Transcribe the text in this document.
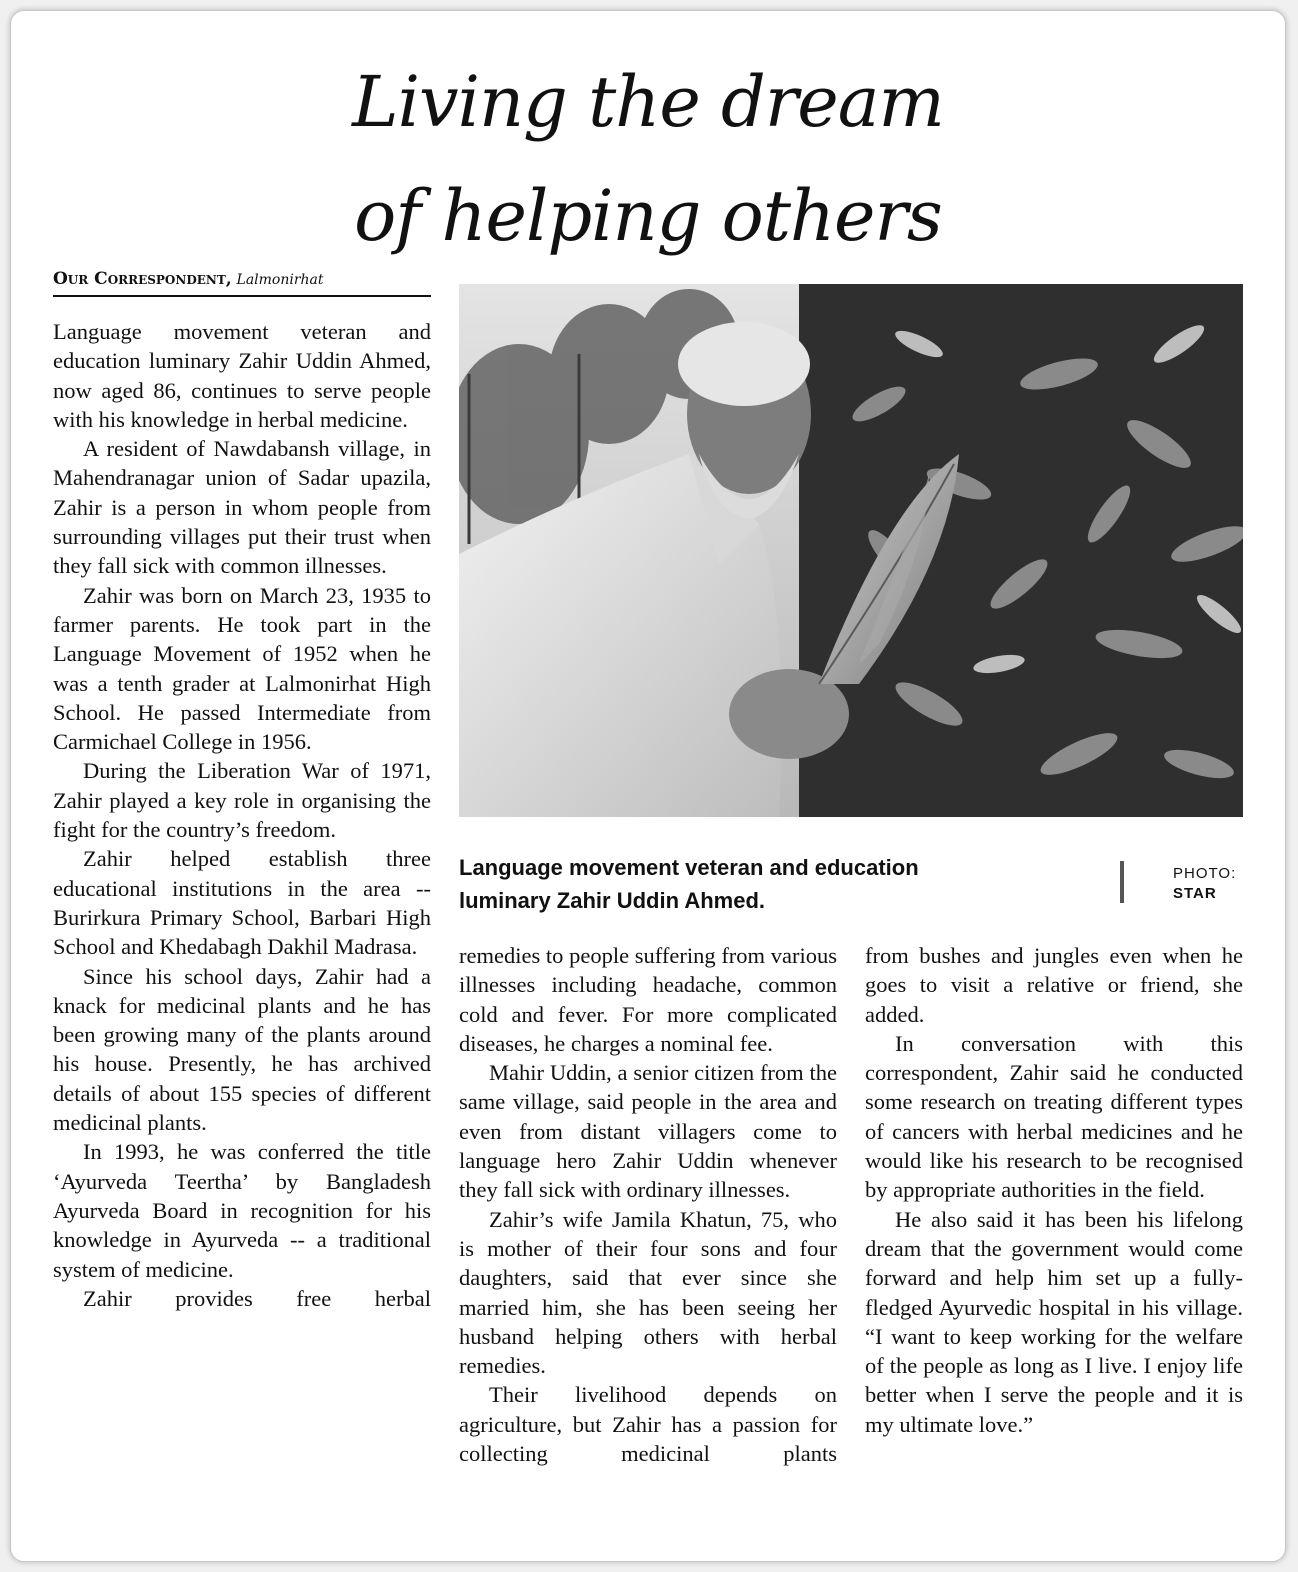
Living the dream
of helping others
Our Correspondent, Lalmonirhat

Language movement veteran and education luminary Zahir Uddin Ahmed, now aged 86, continues to serve people with his knowledge in herbal medicine.

A resident of Nawdabansh village, in Mahendranagar union of Sadar upazila, Zahir is a person in whom people from surrounding villages put their trust when they fall sick with common illnesses.

Zahir was born on March 23, 1935 to farmer parents. He took part in the Language Movement of 1952 when he was a tenth grader at Lalmonirhat High School. He passed Intermediate from Carmichael College in 1956.

During the Liberation War of 1971, Zahir played a key role in organising the fight for the country’s freedom.

Zahir helped establish three educational institutions in the area -- Burirkura Primary School, Barbari High School and Khedabagh Dakhil Madrasa.

Since his school days, Zahir had a knack for medicinal plants and he has been growing many of the plants around his house. Presently, he has archived details of about 155 species of different medicinal plants.

In 1993, he was conferred the title ‘Ayurveda Teertha’ by Bangladesh Ayurveda Board in recognition for his knowledge in Ayurveda -- a traditional system of medicine.

Zahir provides free herbal

Language movement veteran and education
luminary Zahir Uddin Ahmed.
PHOTO:
STAR

remedies to people suffering from various illnesses including headache, common cold and fever. For more complicated diseases, he charges a nominal fee.

Mahir Uddin, a senior citizen from the same village, said people in the area and even from distant villagers come to language hero Zahir Uddin whenever they fall sick with ordinary illnesses.

Zahir’s wife Jamila Khatun, 75, who is mother of their four sons and four daughters, said that ever since she married him, she has been seeing her husband helping others with herbal remedies.

Their livelihood depends on agriculture, but Zahir has a passion for collecting medicinal plants

from bushes and jungles even when he goes to visit a relative or friend, she added.

In conversation with this correspondent, Zahir said he conducted some research on treating different types of cancers with herbal medicines and he would like his research to be recognised by appropriate authorities in the field.

He also said it has been his lifelong dream that the government would come forward and help him set up a fully-fledged Ayurvedic hospital in his village. “I want to keep working for the welfare of the people as long as I live. I enjoy life better when I serve the people and it is my ultimate love.”
